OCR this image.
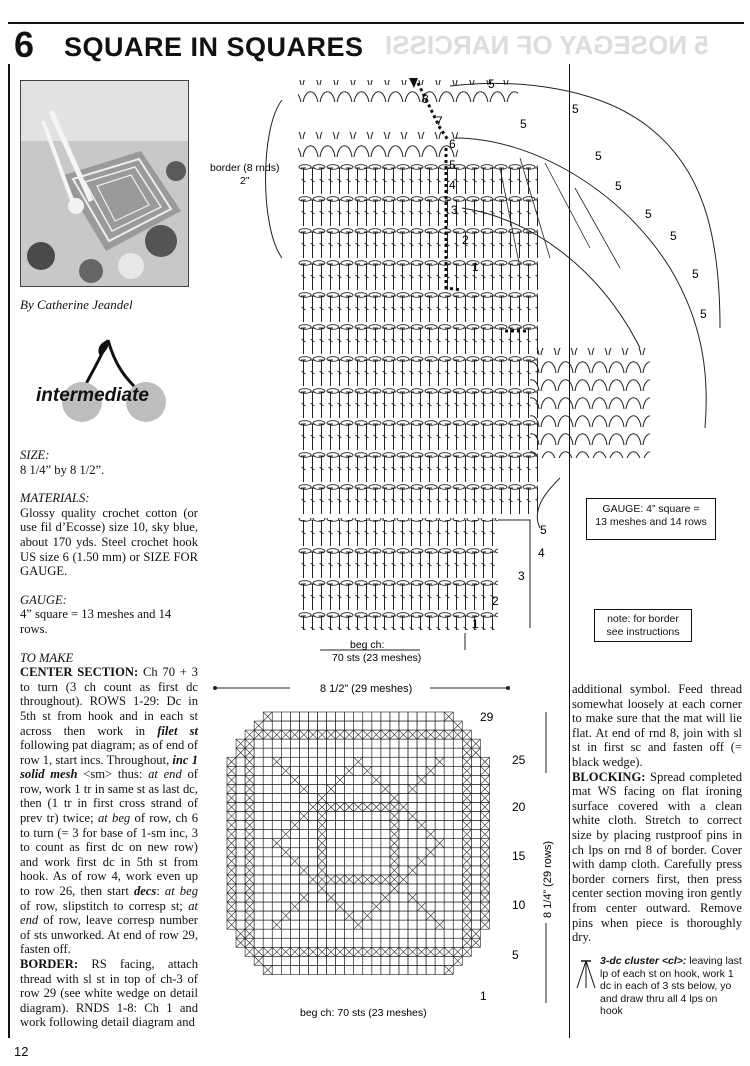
5 NOSEGAY OF NARCISSI
6 SQUARE IN SQUARES
By Catherine Jeandel
intermediate
SIZE:
8 1/4” by 8 1/2”.
MATERIALS:
Glossy quality crochet cotton (or use fil d’Ecosse) size 10, sky blue, about 170 yds. Steel crochet hook US size 6 (1.50 mm) or SIZE FOR GAUGE.
GAUGE:
4” square = 13 meshes and 14 rows.
TO MAKE
CENTER SECTION: Ch 70 + 3 to turn (3 ch count as first dc throughout). ROWS 1-29: Dc in 5th st from hook and in each st across then work in filet st following pat diagram; as of end of row 1, start incs. Throughout, inc 1 solid mesh <sm> thus: at end of row, work 1 tr in same st as last dc, then (1 tr in first cross strand of prev tr) twice; at beg of row, ch 6 to turn (= 3 for base of 1-sm inc, 3 to count as first dc on new row) and work first dc in 5th st from hook. As of row 4, work even up to row 26, then start decs: at beg of row, slipstitch to corresp st; at end of row, leave corresp number of sts unworked. At end of row 29, fasten off.
BORDER: RS facing, attach thread with sl st in top of ch-3 of row 29 (see white wedge on detail diagram). RNDS 1-8: Ch 1 and work following detail diagram and
border (8 rnds)
2”
1
2
3
4
5
6
7
8
5
5
5
5
5
5
5
5
5
1
2
3
4
5
beg ch:
70 sts (23 meshes)
GAUGE: 4” square =
13 meshes and 14 rows
note: for border
see instructions
8 1/2” (29 meshes)
29
25
20
15
10
5
1
8 1/4” (29 rows)
beg ch: 70 sts (23 meshes)
additional symbol. Feed thread somewhat loosely at each corner to make sure that the mat will lie flat. At end of rnd 8, join with sl st in first sc and fasten off (= black wedge).
BLOCKING: Spread completed mat WS facing on flat ironing surface covered with a clean white cloth. Stretch to correct size by placing rustproof pins in ch lps on rnd 8 of border. Cover with damp cloth. Carefully press border corners first, then press center section moving iron gently from center outward. Remove pins when piece is thoroughly dry.
3-dc cluster <cl>: leaving last lp of each st on hook, work 1 dc in each of 3 sts below, yo and draw thru all 4 lps on hook
12
